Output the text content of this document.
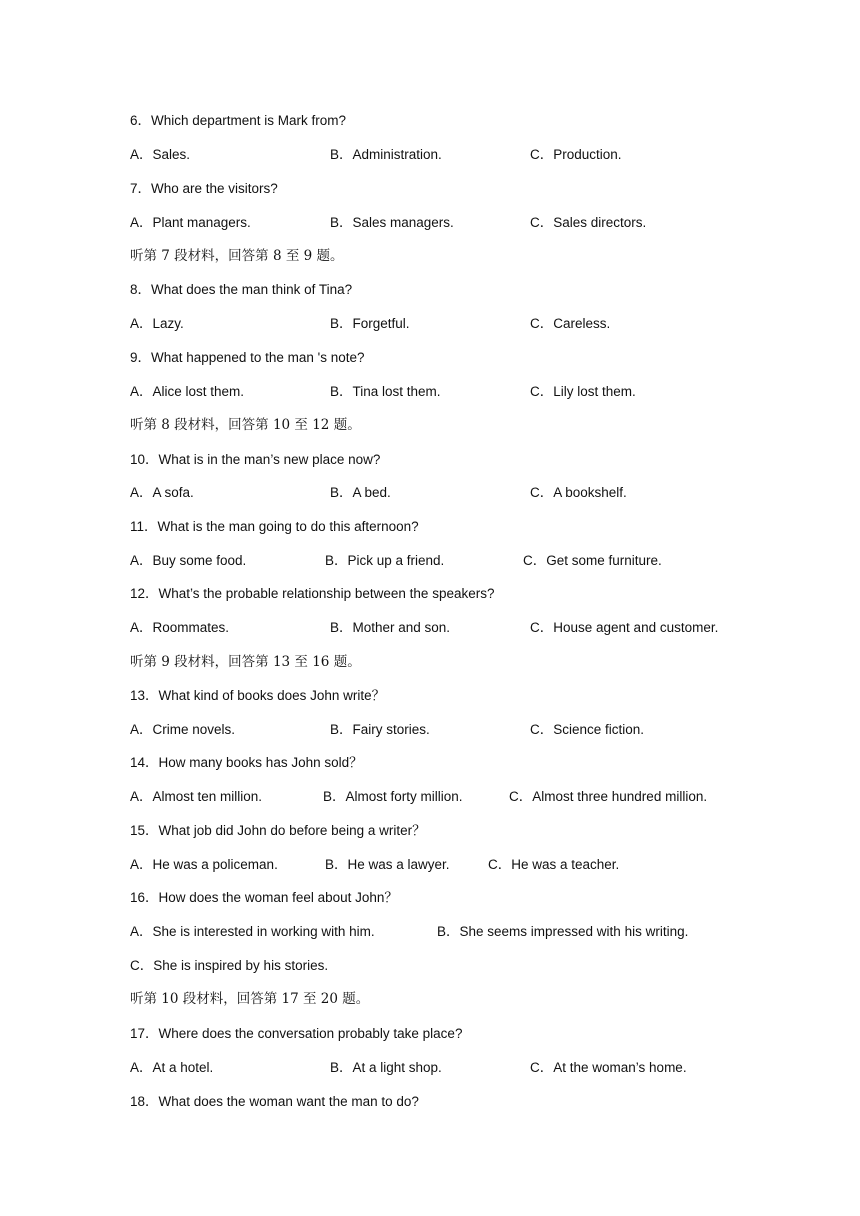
6．Which department is Mark from?
A．Sales.	B．Administration.	C．Production.
7．Who are the visitors?
A．Plant managers.	B．Sales managers.	C．Sales directors.
听第 7 段材料，回答第 8 至 9 题。
8．What does the man think of Tina?
A．Lazy.	B．Forgetful.	C．Careless.
9．What happened to the man 's note?
A．Alice lost them.	B．Tina lost them.	C．Lily lost them.
听第 8 段材料，回答第 10 至 12 题。
10．What is in the man’s new place now?
A．A sofa.	B．A bed.	C．A bookshelf.
11．What is the man going to do this afternoon?
A．Buy some food.	B．Pick up a friend.	C．Get some furniture.
12．What’s the probable relationship between the speakers?
A．Roommates.	B．Mother and son.	C．House agent and customer.
听第 9 段材料，回答第 13 至 16 题。
13．What kind of books does John write？
A．Crime novels.	B．Fairy stories.	C．Science fiction.
14．How many books has John sold？
A．Almost ten million.	B．Almost forty million.	C．Almost three hundred million.
15．What job did John do before being a writer？
A．He was a policeman.	B．He was a lawyer.	C．He was a teacher.
16．How does the woman feel about John？
A．She is interested in working with him.	B．She seems impressed with his writing.
C．She is inspired by his stories.
听第 10 段材料，回答第 17 至 20 题。
17．Where does the conversation probably take place?
A．At a hotel.	B．At a light shop.	C．At the woman’s home.
18．What does the woman want the man to do?
